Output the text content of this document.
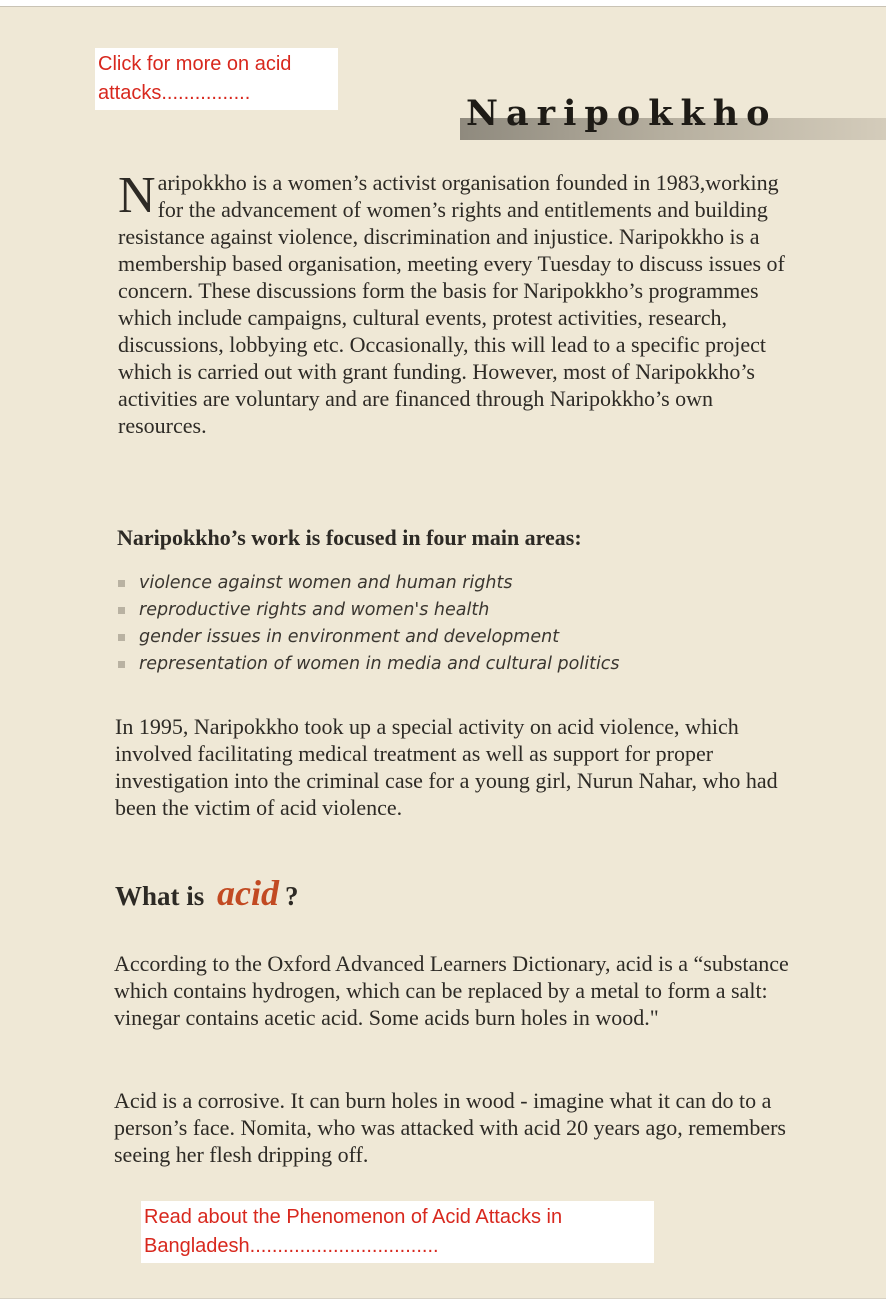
Click for more on acid attacks................	Naripokkho

Naripokkho is a women’s activist organisation founded in 1983,working for the advancement of women’s rights and entitlements and building resistance against violence, discrimination and injustice. Naripokkho is a membership based organisation, meeting every Tuesday to discuss issues of concern. These discussions form the basis for Naripokkho’s programmes which include campaigns, cultural events, protest activities, research, discussions, lobbying etc. Occasionally, this will lead to a specific project which is carried out with grant funding. However, most of Naripokkho’s activities are voluntary and are financed through Naripokkho’s own resources.

Naripokkho’s work is focused in four main areas:
violence against women and human rights
reproductive rights and women's health
gender issues in environment and development
representation of women in media and cultural politics

In 1995, Naripokkho took up a special activity on acid violence, which involved facilitating medical treatment as well as support for proper investigation into the criminal case for a young girl, Nurun Nahar, who had been the victim of acid violence.

What is acid ?

According to the Oxford Advanced Learners Dictionary, acid is a “substance which contains hydrogen, which can be replaced by a metal to form a salt: vinegar contains acetic acid. Some acids burn holes in wood."

Acid is a corrosive. It can burn holes in wood - imagine what it can do to a person’s face. Nomita, who was attacked with acid 20 years ago, remembers seeing her flesh dripping off.

Read about the Phenomenon of Acid Attacks in Bangladesh..................................
